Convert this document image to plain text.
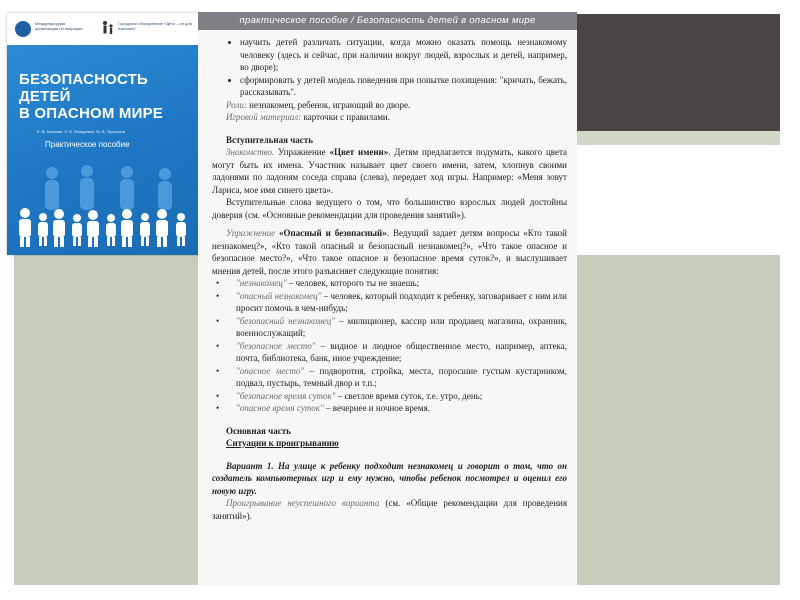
Международная организация по миграции
Городское объединение «Дети – не для насилия»
БЕЗОПАСНОСТЬ ДЕТЕЙ
В ОПАСНОМ МИРЕ
Е. В. Козлова, Л. И. Мазуренко, М. В. Прохоров
Практическое пособие
практическое пособие / Безопасность детей в опасном мире
• научить детей различать ситуации, когда можно оказать помощь незнакомому человеку (здесь и сейчас, при наличии вокруг людей, взрослых и детей, например, во дворе);
• сформировать у детей модель поведения при попытке похищения: "кричать, бежать, рассказывать".

Роли: незнакомец, ребенок, играющий во дворе.

Игровой материал: карточки с правилами.

Вступительная часть

Знакомство. Упражнение «Цвет имени». Детям предлагается подумать, какого цвета могут быть их имена. Участник называет цвет своего имени, затем, хлопнув своими ладонями по ладоням соседа справа (слева), передает ход игры. Например: «Меня зовут Лариса, мое имя синего цвета».

Вступительные слова ведущего о том, что большинство взрослых людей достойны доверия (см. «Основные рекомендации для проведения занятий»).

Упражнение «Опасный и безопасный». Ведущий задает детям вопросы «Кто такой незнакомец?», «Кто такой опасный и безопасный незнакомец?», «Что такое опасное и безопасное место?», «Что такое опасное и безопасное время суток?», и выслушивает мнения детей, после этого разъясняет следующие понятия:

• "незнакомец" – человек, которого ты не знаешь;
• "опасный незнакомец" – человек, который подходит к ребенку, заговаривает с ним или просит помочь в чем-нибудь;
• "безопасный незнакомец" – милиционер, кассир или продавец магазина, охранник, военнослужащий;
• "безопасное место" – видное и людное общественное место, например, аптека, почта, библиотека, банк, иное учреждение;
• "опасное место" – подворотня, стройка, места, поросшие густым кустарником, подвал, пустырь, темный двор и т.п.;
• "безопасное время суток" – светлое время суток, т.е. утро, день;
• "опасное время суток" – вечернее и ночное время.

Основная часть

Ситуации к проигрыванию

Вариант 1. На улице к ребенку подходит незнакомец и говорит о том, что он создатель компьютерных игр и ему нужно, чтобы ребенок посмотрел и оценил его новую игру.

Проигрывание неуспешного варианта (см. «Общие рекомендации для проведения занятий»).
